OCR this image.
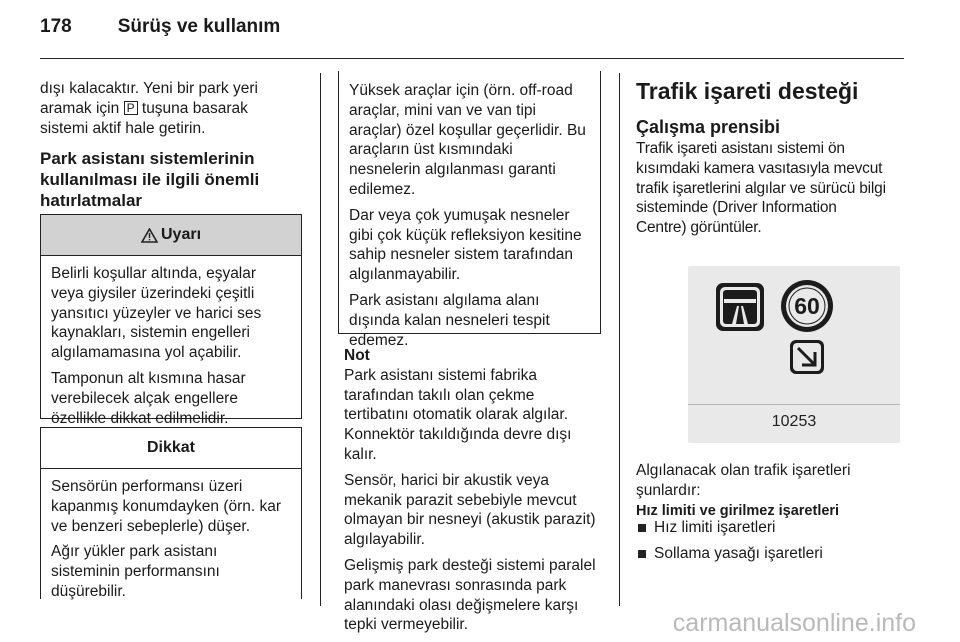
178 Sürüş ve kullanım

dışı kalacaktır. Yeni bir park yeri
aramak için P tuşuna basarak
sistemi aktif hale getirin.

Park asistanı sistemlerinin
kullanılması ile ilgili önemli
hatırlatmalar
Uyarı

Belirli koşullar altında, eşyalar
veya giysiler üzerindeki çeşitli
yansıtıcı yüzeyler ve harici ses
kaynakları, sistemin engelleri
algılamamasına yol açabilir.

Tamponun alt kısmına hasar
verebilecek alçak engellere
özellikle dikkat edilmelidir.

Dikkat

Sensörün performansı üzeri
kapanmış konumdayken (örn. kar
ve benzeri sebeplerle) düşer.

Ağır yükler park asistanı
sisteminin performansını
düşürebilir.

Yüksek araçlar için (örn. off-road
araçlar, mini van ve van tipi
araçlar) özel koşullar geçerlidir. Bu
araçların üst kısmındaki
nesnelerin algılanması garanti
edilemez.

Dar veya çok yumuşak nesneler
gibi çok küçük refleksiyon kesitine
sahip nesneler sistem tarafından
algılanmayabilir.

Park asistanı algılama alanı
dışında kalan nesneleri tespit
edemez.

Not

Park asistanı sistemi fabrika
tarafından takılı olan çekme
tertibatını otomatik olarak algılar.
Konnektör takıldığında devre dışı
kalır.

Sensör, harici bir akustik veya
mekanik parazit sebebiyle mevcut
olmayan bir nesneyi (akustik parazit)
algılayabilir.

Gelişmiş park desteği sistemi paralel
park manevrası sonrasında park
alanındaki olası değişmelere karşı
tepki vermeyebilir.

Trafik işareti desteği
Çalışma prensibi

Trafik işareti asistanı sistemi ön
kısımdaki kamera vasıtasıyla mevcut
trafik işaretlerini algılar ve sürücü bilgi
sisteminde (Driver Information
Centre) görüntüler.

60
10253

Algılanacak olan trafik işaretleri
şunlardır:

Hız limiti ve girilmez işaretleri
Hız limiti işaretleri
Sollama yasağı işaretleri
carmanualsonline.info
